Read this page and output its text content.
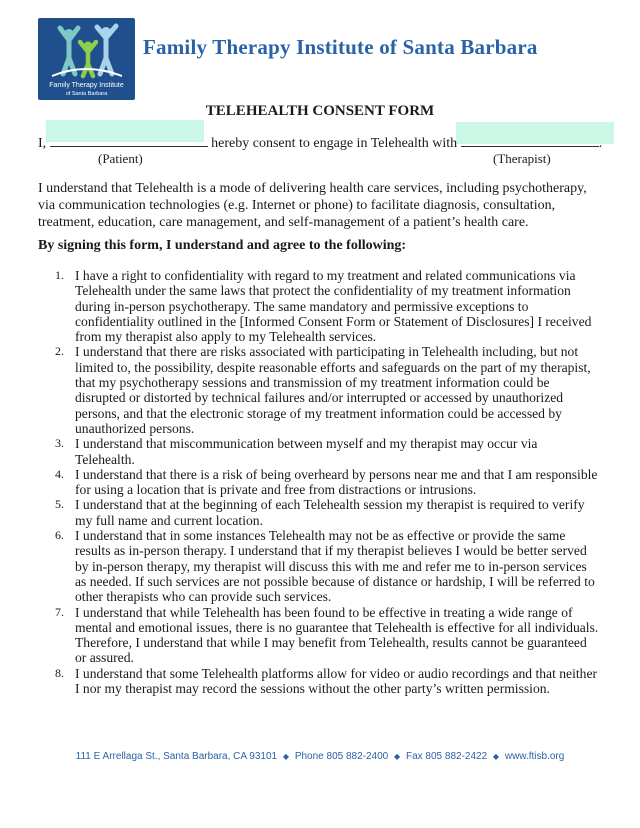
Family Therapy Institute
of Santa Barbara
Family Therapy Institute of Santa Barbara
TELEHEALTH CONSENT FORM
I,	hereby consent to engage in Telehealth with	.
(Patient)	(Therapist)
I understand that Telehealth is a mode of delivering health care services, including psychotherapy, via communication technologies (e.g. Internet or phone) to facilitate diagnosis, consultation, treatment, education, care management, and self-management of a patient’s health care.
By signing this form, I understand and agree to the following:
1. I have a right to confidentiality with regard to my treatment and related communications via Telehealth under the same laws that protect the confidentiality of my treatment information during in-person psychotherapy. The same mandatory and permissive exceptions to confidentiality outlined in the [Informed Consent Form or Statement of Disclosures] I received from my therapist also apply to my Telehealth services.
2. I understand that there are risks associated with participating in Telehealth including, but not limited to, the possibility, despite reasonable efforts and safeguards on the part of my therapist, that my psychotherapy sessions and transmission of my treatment information could be disrupted or distorted by technical failures and/or interrupted or accessed by unauthorized persons, and that the electronic storage of my treatment information could be accessed by unauthorized persons.
3. I understand that miscommunication between myself and my therapist may occur via Telehealth.
4. I understand that there is a risk of being overheard by persons near me and that I am responsible for using a location that is private and free from distractions or intrusions.
5. I understand that at the beginning of each Telehealth session my therapist is required to verify my full name and current location.
6. I understand that in some instances Telehealth may not be as effective or provide the same results as in-person therapy. I understand that if my therapist believes I would be better served by in-person therapy, my therapist will discuss this with me and refer me to in-person services as needed. If such services are not possible because of distance or hardship, I will be referred to other therapists who can provide such services.
7. I understand that while Telehealth has been found to be effective in treating a wide range of mental and emotional issues, there is no guarantee that Telehealth is effective for all individuals. Therefore, I understand that while I may benefit from Telehealth, results cannot be guaranteed or assured.
8. I understand that some Telehealth platforms allow for video or audio recordings and that neither I nor my therapist may record the sessions without the other party’s written permission.
111 E Arrellaga St., Santa Barbara, CA 93101 ◆ Phone 805 882-2400 ◆ Fax 805 882-2422 ◆ www.ftisb.org
